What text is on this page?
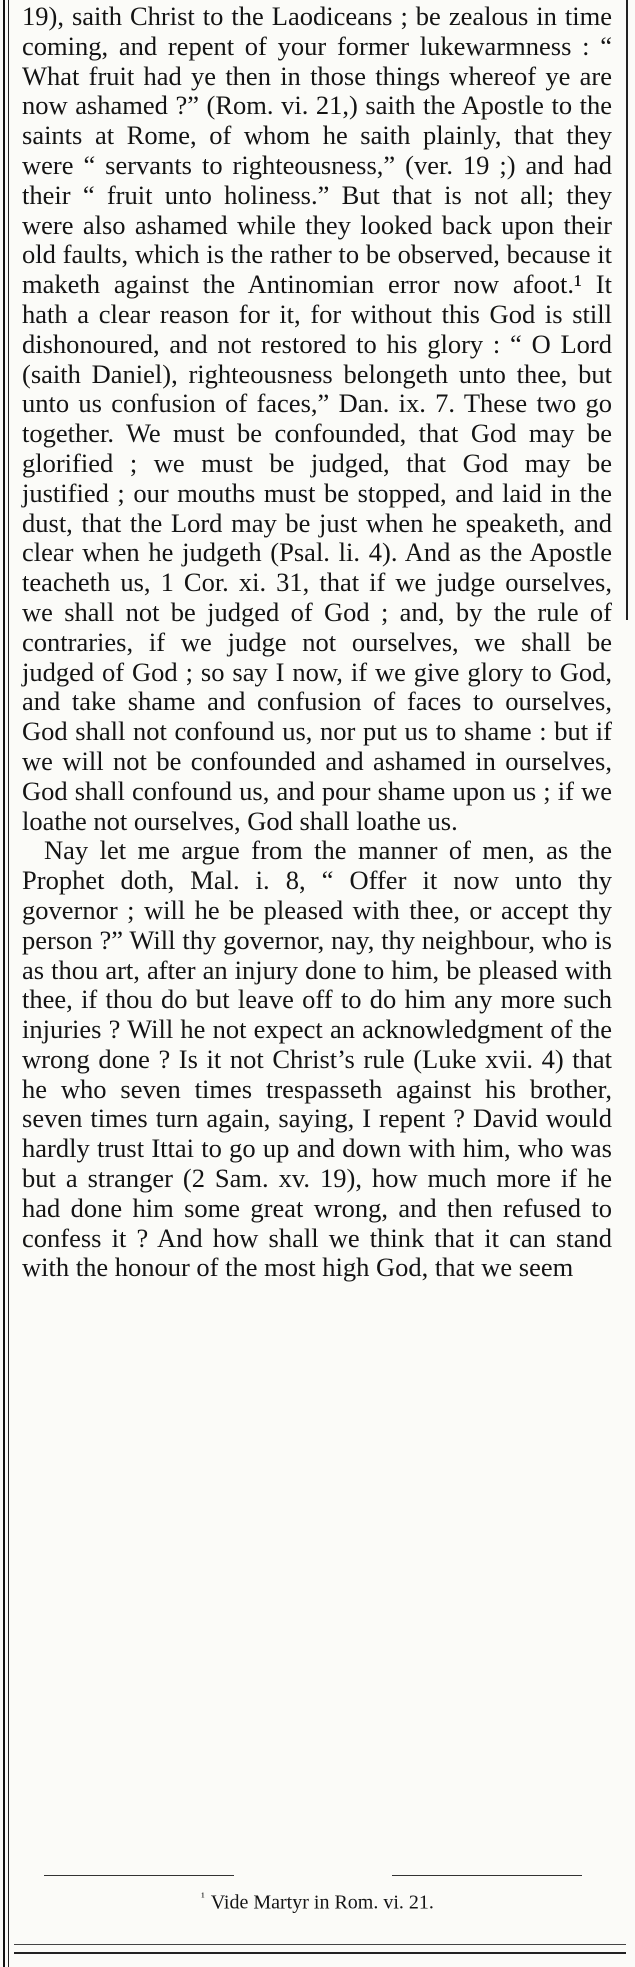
19), saith Christ to the Laodiceans ; be zealous in time coming, and repent of your former lukewarmness : “ What fruit had ye then in those things whereof ye are now ashamed ?” (Rom. vi. 21,) saith the Apostle to the saints at Rome, of whom he saith plainly, that they were “ servants to righteousness,” (ver. 19 ;) and had their “ fruit unto holiness.” But that is not all; they were also ashamed while they looked back upon their old faults, which is the rather to be observed, because it maketh against the Antinomian error now afoot.¹ It hath a clear reason for it, for without this God is still dishonoured, and not restored to his glory : “ O Lord (saith Daniel), righteousness belongeth unto thee, but unto us confusion of faces,” Dan. ix. 7. These two go together. We must be confounded, that God may be glorified ; we must be judged, that God may be justified ; our mouths must be stopped, and laid in the dust, that the Lord may be just when he speaketh, and clear when he judgeth (Psal. li. 4). And as the Apostle teacheth us, 1 Cor. xi. 31, that if we judge ourselves, we shall not be judged of God ; and, by the rule of contraries, if we judge not ourselves, we shall be judged of God ; so say I now, if we give glory to God, and take shame and confusion of faces to ourselves, God shall not confound us, nor put us to shame : but if we will not be confounded and ashamed in ourselves, God shall confound us, and pour shame upon us ; if we loathe not ourselves, God shall loathe us.

Nay let me argue from the manner of men, as the Prophet doth, Mal. i. 8, “ Offer it now unto thy governor ; will he be pleased with thee, or accept thy person ?” Will thy governor, nay, thy neighbour, who is as thou art, after an injury done to him, be pleased with thee, if thou do but leave off to do him any more such injuries ? Will he not expect an acknowledgment of the wrong done ? Is it not Christ’s rule (Luke xvii. 4) that he who seven times trespasseth against his brother, seven times turn again, saying, I repent ? David would hardly trust Ittai to go up and down with him, who was but a stranger (2 Sam. xv. 19), how much more if he had done him some great wrong, and then refused to confess it ? And how shall we think that it can stand with the honour of the most high God, that we seem

$^{^1}$ Vide Martyr in Rom. vi. 21.
